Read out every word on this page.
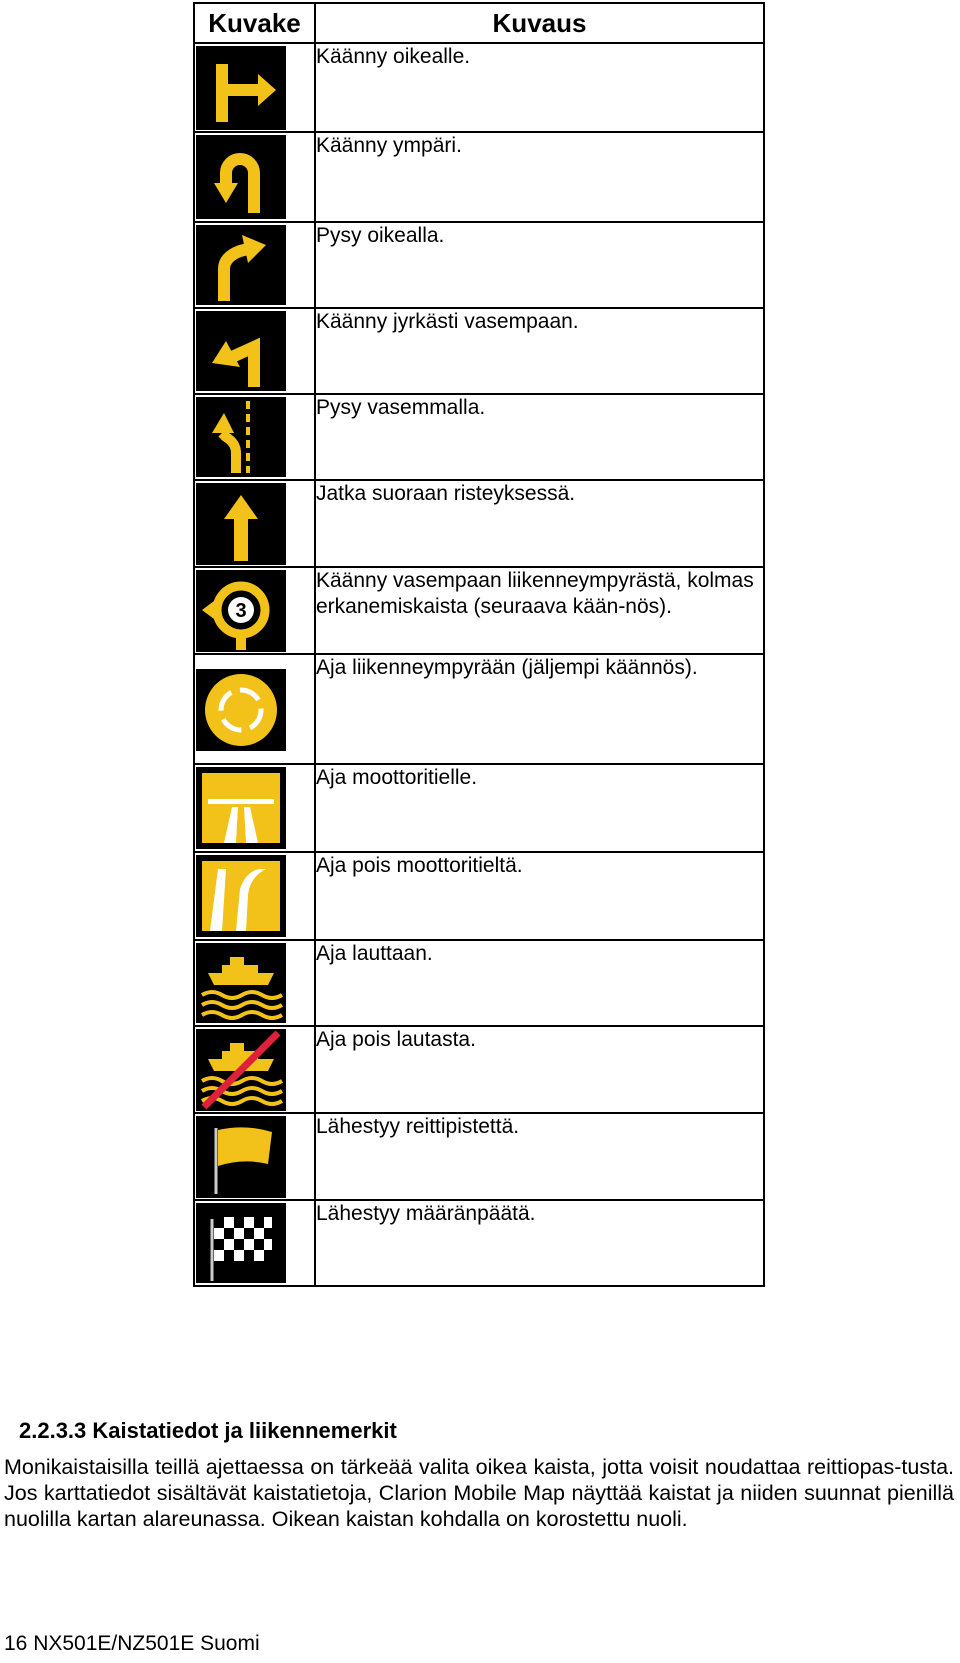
Kuvake	Kuvaus

	Käänny oikealle.

	Käänny ympäri.

	Pysy oikealla.

	Käänny jyrkästi vasempaan.

	Pysy vasemmalla.

	Jatka suoraan risteyksessä.

3	Käänny vasempaan liikenneympyrästä, kolmas erkanemiskaista (seuraava kään-nös).

	Aja liikenneympyrään (jäljempi käännös).

	Aja moottoritielle.

	Aja pois moottoritieltä.

	Aja lauttaan.

	Aja pois lautasta.

	Lähestyy reittipistettä.

	Lähestyy määränpäätä.
2.2.3.3 Kaistatiedot ja liikennemerkit
Monikaistaisilla teillä ajettaessa on tärkeää valita oikea kaista, jotta voisit noudattaa reittiopas-tusta. Jos karttatiedot sisältävät kaistatietoja, Clarion Mobile Map näyttää kaistat ja niiden suunnat pienillä nuolilla kartan alareunassa. Oikean kaistan kohdalla on korostettu nuoli.
16 NX501E/NZ501E Suomi
